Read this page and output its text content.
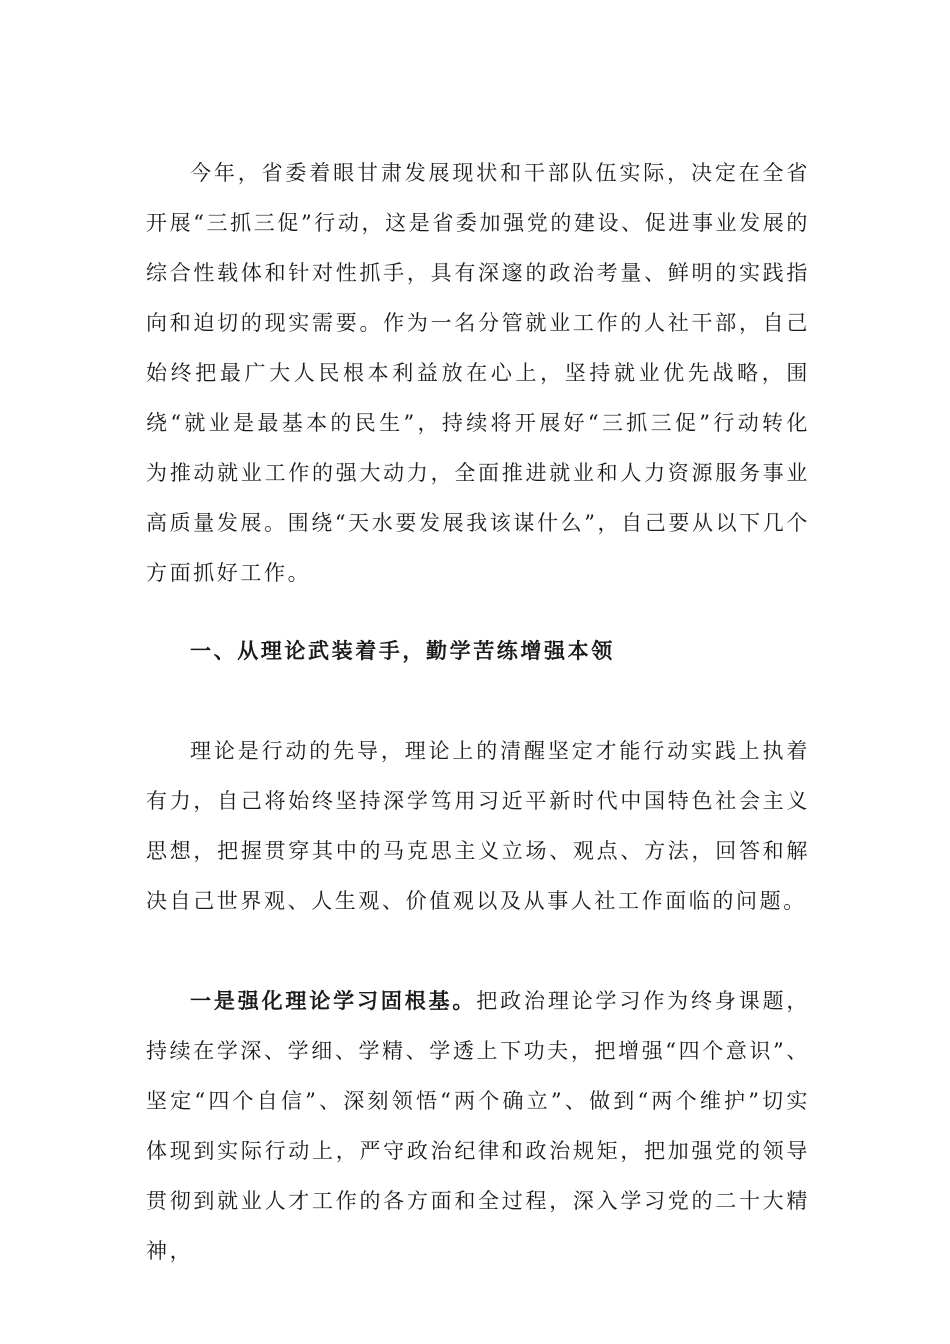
今年，省委着眼甘肃发展现状和干部队伍实际，决定在全省开展“三抓三促”行动，这是省委加强党的建设、促进事业发展的综合性载体和针对性抓手，具有深邃的政治考量、鲜明的实践指向和迫切的现实需要。作为一名分管就业工作的人社干部，自己始终把最广大人民根本利益放在心上，坚持就业优先战略，围绕“就业是最基本的民生”，持续将开展好“三抓三促”行动转化为推动就业工作的强大动力，全面推进就业和人力资源服务事业高质量发展。围绕“天水要发展我该谋什么”，自己要从以下几个方面抓好工作。

一、从理论武装着手，勤学苦练增强本领

理论是行动的先导，理论上的清醒坚定才能行动实践上执着有力，自己将始终坚持深学笃用习近平新时代中国特色社会主义思想，把握贯穿其中的马克思主义立场、观点、方法，回答和解决自己世界观、人生观、价值观以及从事人社工作面临的问题。

一是强化理论学习固根基。把政治理论学习作为终身课题，持续在学深、学细、学精、学透上下功夫，把增强“四个意识”、坚定“四个自信”、深刻领悟“两个确立”、做到“两个维护”切实体现到实际行动上，严守政治纪律和政治规矩，把加强党的领导贯彻到就业人才工作的各方面和全过程，深入学习党的二十大精神，
